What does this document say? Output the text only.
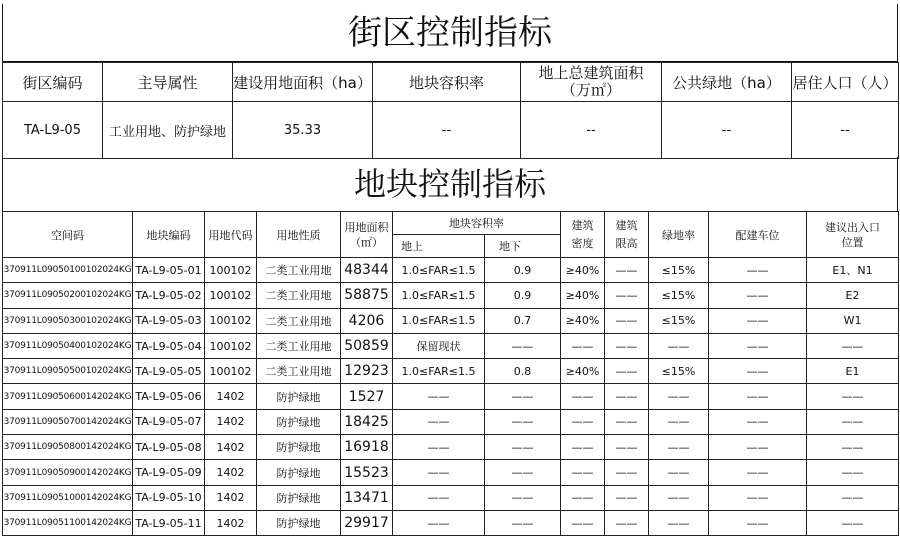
街区控制指标
街区编码	主导属性	建设用地面积（ha）	地块容积率	地上总建筑面积（万㎡）	公共绿地（ha）	居住人口（人）
TA-L9-05	工业用地、防护绿地	35.33	--	--	--	--
地块控制指标
空间码	地块编码	用地代码	用地性质	用地面积（㎡）	地块容积率		建筑密度	建筑限高	绿地率	配建车位	建议出入口位置
					地上	地下					
370911L09050100102024KG	TA-L9-05-01	100102	二类工业用地	48344	1.0≤FAR≤1.5	0.9	≥40%	——	≤15%	——	E1、N1
370911L09050200102024KG	TA-L9-05-02	100102	二类工业用地	58875	1.0≤FAR≤1.5	0.9	≥40%	——	≤15%	——	E2
370911L09050300102024KG	TA-L9-05-03	100102	二类工业用地	4206	1.0≤FAR≤1.5	0.7	≥40%	——	≤15%	——	W1
370911L09050400102024KG	TA-L9-05-04	100102	二类工业用地	50859	保留现状	——	——	——	——	——	——
370911L09050500102024KG	TA-L9-05-05	100102	二类工业用地	12923	1.0≤FAR≤1.5	0.8	≥40%	——	≤15%	——	E1
370911L09050600142024KG	TA-L9-05-06	1402	防护绿地	1527	——	——	——	——	——	——	——
370911L09050700142024KG	TA-L9-05-07	1402	防护绿地	18425	——	——	——	——	——	——	——
370911L09050800142024KG	TA-L9-05-08	1402	防护绿地	16918	——	——	——	——	——	——	——
370911L09050900142024KG	TA-L9-05-09	1402	防护绿地	15523	——	——	——	——	——	——	——
370911L09051000142024KG	TA-L9-05-10	1402	防护绿地	13471	——	——	——	——	——	——	——
370911L09051100142024KG	TA-L9-05-11	1402	防护绿地	29917	——	——	——	——	——	——	——
